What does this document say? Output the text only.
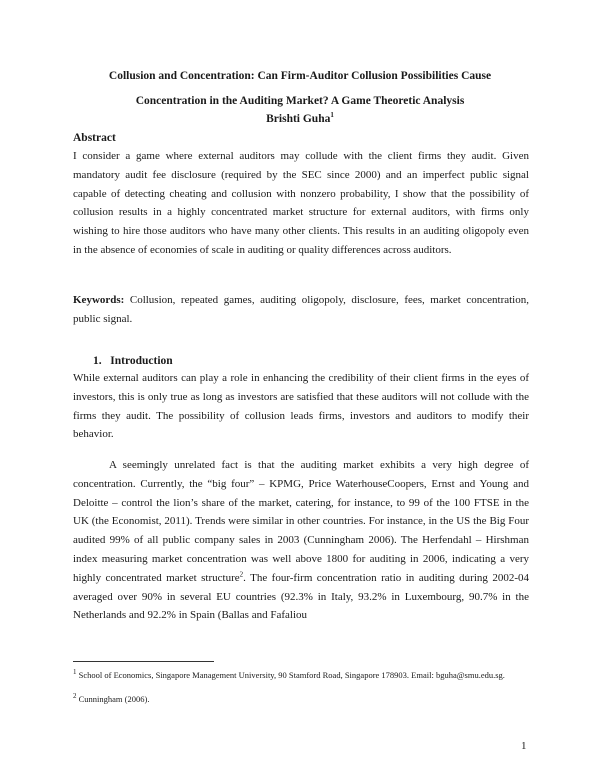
Collusion and Concentration: Can Firm-Auditor Collusion Possibilities Cause
Concentration in the Auditing Market? A Game Theoretic Analysis
Brishti Guha$^1$
Abstract

I consider a game where external auditors may collude with the client firms they audit. Given mandatory audit fee disclosure (required by the SEC since 2000) and an imperfect public signal capable of detecting cheating and collusion with nonzero probability, I show that the possibility of collusion results in a highly concentrated market structure for external auditors, with firms only wishing to hire those auditors who have many other clients. This results in an auditing oligopoly even in the absence of economies of scale in auditing or quality differences across auditors.

Keywords: Collusion, repeated games, auditing oligopoly, disclosure, fees, market concentration, public signal.

1.   Introduction

While external auditors can play a role in enhancing the credibility of their client firms in the eyes of investors, this is only true as long as investors are satisfied that these auditors will not collude with the firms they audit. The possibility of collusion leads firms, investors and auditors to modify their behavior.

A seemingly unrelated fact is that the auditing market exhibits a very high degree of concentration. Currently, the “big four” – KPMG, Price WaterhouseCoopers, Ernst and Young and Deloitte – control the lion’s share of the market, catering, for instance, to 99 of the 100 FTSE in the UK (the Economist, 2011). Trends were similar in other countries. For instance, in the US the Big Four audited 99% of all public company sales in 2003 (Cunningham 2006). The Herfendahl – Hirshman index measuring market concentration was well above 1800 for auditing in 2006, indicating a very highly concentrated market structure$^2$. The four-firm concentration ratio in auditing during 2002-04 averaged over 90% in several EU countries (92.3% in Italy, 93.2% in Luxembourg, 90.7% in the Netherlands and 92.2% in Spain (Ballas and Fafaliou

$^1$ School of Economics, Singapore Management University, 90 Stamford Road, Singapore 178903. Email: bguha@smu.edu.sg.

$^2$ Cunningham (2006).

1
